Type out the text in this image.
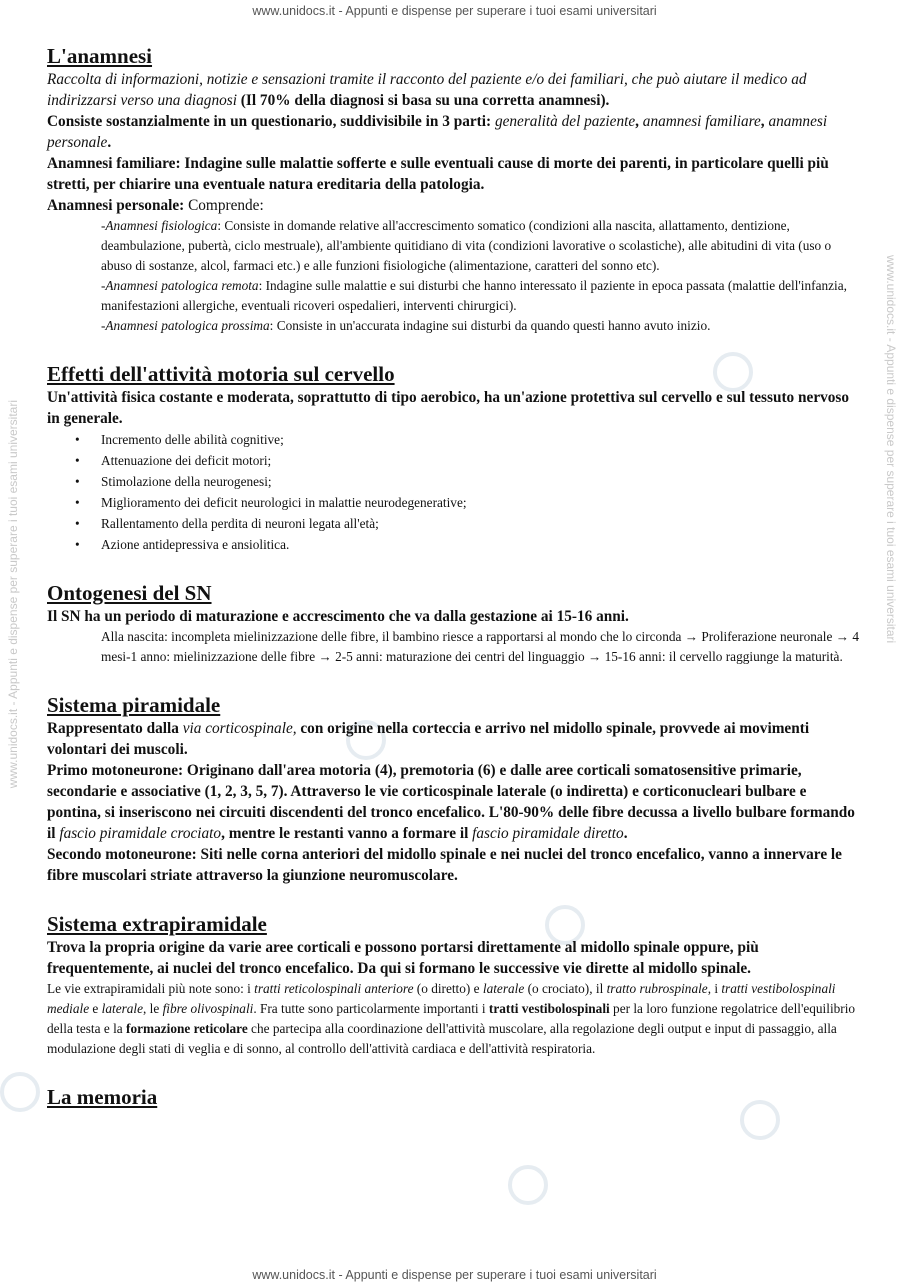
www.unidocs.it - Appunti e dispense per superare i tuoi esami universitari
www.unidocs.it - Appunti e dispense per superare i tuoi esami universitari
www.unidocs.it - Appunti e dispense per superare i tuoi esami universitari
www.unidocs.it - Appunti e dispense per superare i tuoi esami universitari
L'anamnesi

Raccolta di informazioni, notizie e sensazioni tramite il racconto del paziente e/o dei familiari, che può aiutare il medico ad indirizzarsi verso una diagnosi (Il 70% della diagnosi si basa su una corretta anamnesi).

Consiste sostanzialmente in un questionario, suddivisibile in 3 parti: generalità del paziente, anamnesi familiare, anamnesi personale.

Anamnesi familiare: Indagine sulle malattie sofferte e sulle eventuali cause di morte dei parenti, in particolare quelli più stretti, per chiarire una eventuale natura ereditaria della patologia.

Anamnesi personale: Comprende:

-Anamnesi fisiologica: Consiste in domande relative all'accrescimento somatico (condizioni alla nascita, allattamento, dentizione, deambulazione, pubertà, ciclo mestruale), all'ambiente quitidiano di vita (condizioni lavorative o scolastiche), alle abitudini di vita (uso o abuso di sostanze, alcol, farmaci etc.) e alle funzioni fisiologiche (alimentazione, caratteri del sonno etc).

-Anamnesi patologica remota: Indagine sulle malattie e sui disturbi che hanno interessato il paziente in epoca passata (malattie dell'infanzia, manifestazioni allergiche, eventuali ricoveri ospedalieri, interventi chirurgici).

-Anamnesi patologica prossima: Consiste in un'accurata indagine sui disturbi da quando questi hanno avuto inizio.

Effetti dell'attività motoria sul cervello

Un'attività fisica costante e moderata, soprattutto di tipo aerobico, ha un'azione protettiva sul cervello e sul tessuto nervoso in generale.

• Incremento delle abilità cognitive;
• Attenuazione dei deficit motori;
• Stimolazione della neurogenesi;
• Miglioramento dei deficit neurologici in malattie neurodegenerative;
• Rallentamento della perdita di neuroni legata all'età;
• Azione antidepressiva e ansiolitica.
Ontogenesi del SN

Il SN ha un periodo di maturazione e accrescimento che va dalla gestazione ai 15-16 anni.

Alla nascita: incompleta mielinizzazione delle fibre, il bambino riesce a rapportarsi al mondo che lo circonda → Proliferazione neuronale → 4 mesi-1 anno: mielinizzazione delle fibre → 2-5 anni: maturazione dei centri del linguaggio → 15-16 anni: il cervello raggiunge la maturità.

Sistema piramidale

Rappresentato dalla via corticospinale, con origine nella corteccia e arrivo nel midollo spinale, provvede ai movimenti volontari dei muscoli.

Primo motoneurone: Originano dall'area motoria (4), premotoria (6) e dalle aree corticali somatosensitive primarie, secondarie e associative (1, 2, 3, 5, 7). Attraverso le vie corticospinale laterale (o indiretta) e corticonucleari bulbare e pontina, si inseriscono nei circuiti discendenti del tronco encefalico. L'80-90% delle fibre decussa a livello bulbare formando il fascio piramidale crociato, mentre le restanti vanno a formare il fascio piramidale diretto.

Secondo motoneurone: Siti nelle corna anteriori del midollo spinale e nei nuclei del tronco encefalico, vanno a innervare le fibre muscolari striate attraverso la giunzione neuromuscolare.

Sistema extrapiramidale

Trova la propria origine da varie aree corticali e possono portarsi direttamente al midollo spinale oppure, più frequentemente, ai nuclei del tronco encefalico. Da qui si formano le successive vie dirette al midollo spinale.

Le vie extrapiramidali più note sono: i tratti reticolospinali anteriore (o diretto) e laterale (o crociato), il tratto rubrospinale, i tratti vestibolospinali mediale e laterale, le fibre olivospinali. Fra tutte sono particolarmente importanti i tratti vestibolospinali per la loro funzione regolatrice dell'equilibrio della testa e la formazione reticolare che partecipa alla coordinazione dell'attività muscolare, alla regolazione degli output e input di passaggio, alla modulazione degli stati di veglia e di sonno, al controllo dell'attività cardiaca e dell'attività respiratoria.

La memoria
